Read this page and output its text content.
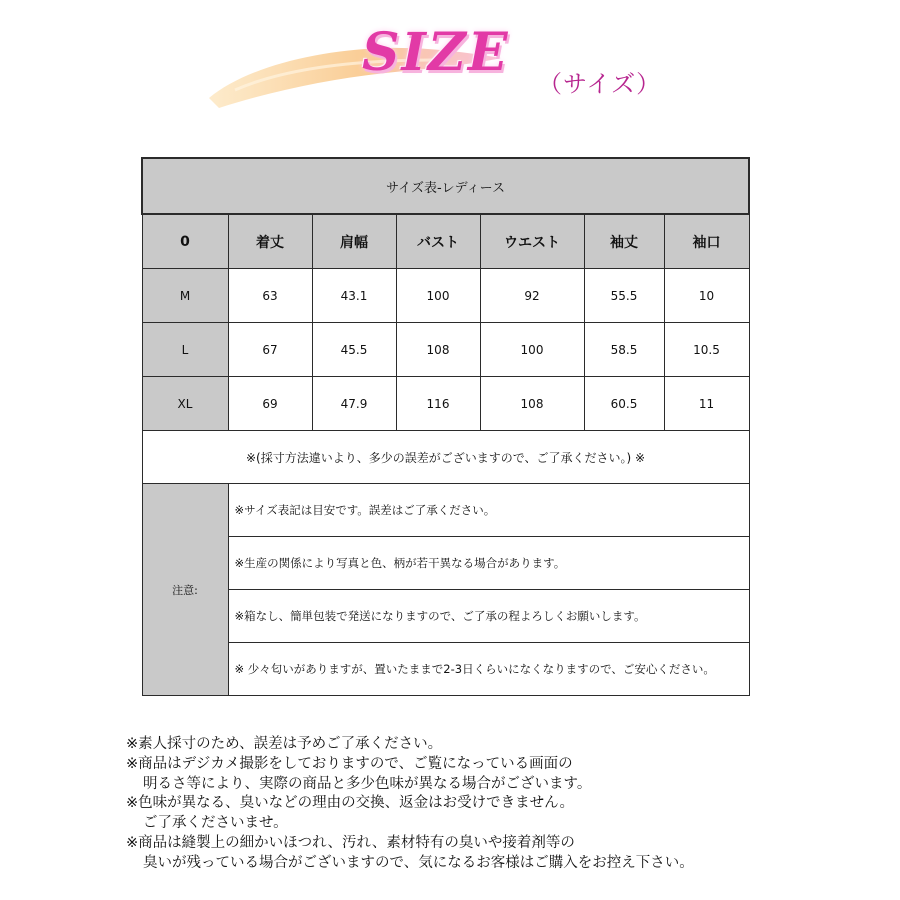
SIZE
（サイズ）
サイズ表-レディース						
0	着丈	肩幅	バスト	ウエスト	袖丈	袖口
M	63	43.1	100	92	55.5	10
L	67	45.5	108	100	58.5	10.5
XL	69	47.9	116	108	60.5	11
※(採寸方法違いより、多少の誤差がございますので、ご了承ください。) ※						
注意:	※サイズ表記は目安です。誤差はご了承ください。					
	※生産の関係により写真と色、柄が若干異なる場合があります。					
	※箱なし、簡単包装で発送になりますので、ご了承の程よろしくお願いします。					
	※ 少々匂いがありますが、置いたままで2-3日くらいになくなりますので、ご安心ください。					

※素人採寸のため、誤差は予めご了承ください。

※商品はデジカメ撮影をしておりますので、ご覧になっている画面の

明るさ等により、実際の商品と多少色味が異なる場合がございます。

※色味が異なる、臭いなどの理由の交換、返金はお受けできません。

ご了承くださいませ。

※商品は縫製上の細かいほつれ、汚れ、素材特有の臭いや接着剤等の

臭いが残っている場合がございますので、気になるお客様はご購入をお控え下さい。
